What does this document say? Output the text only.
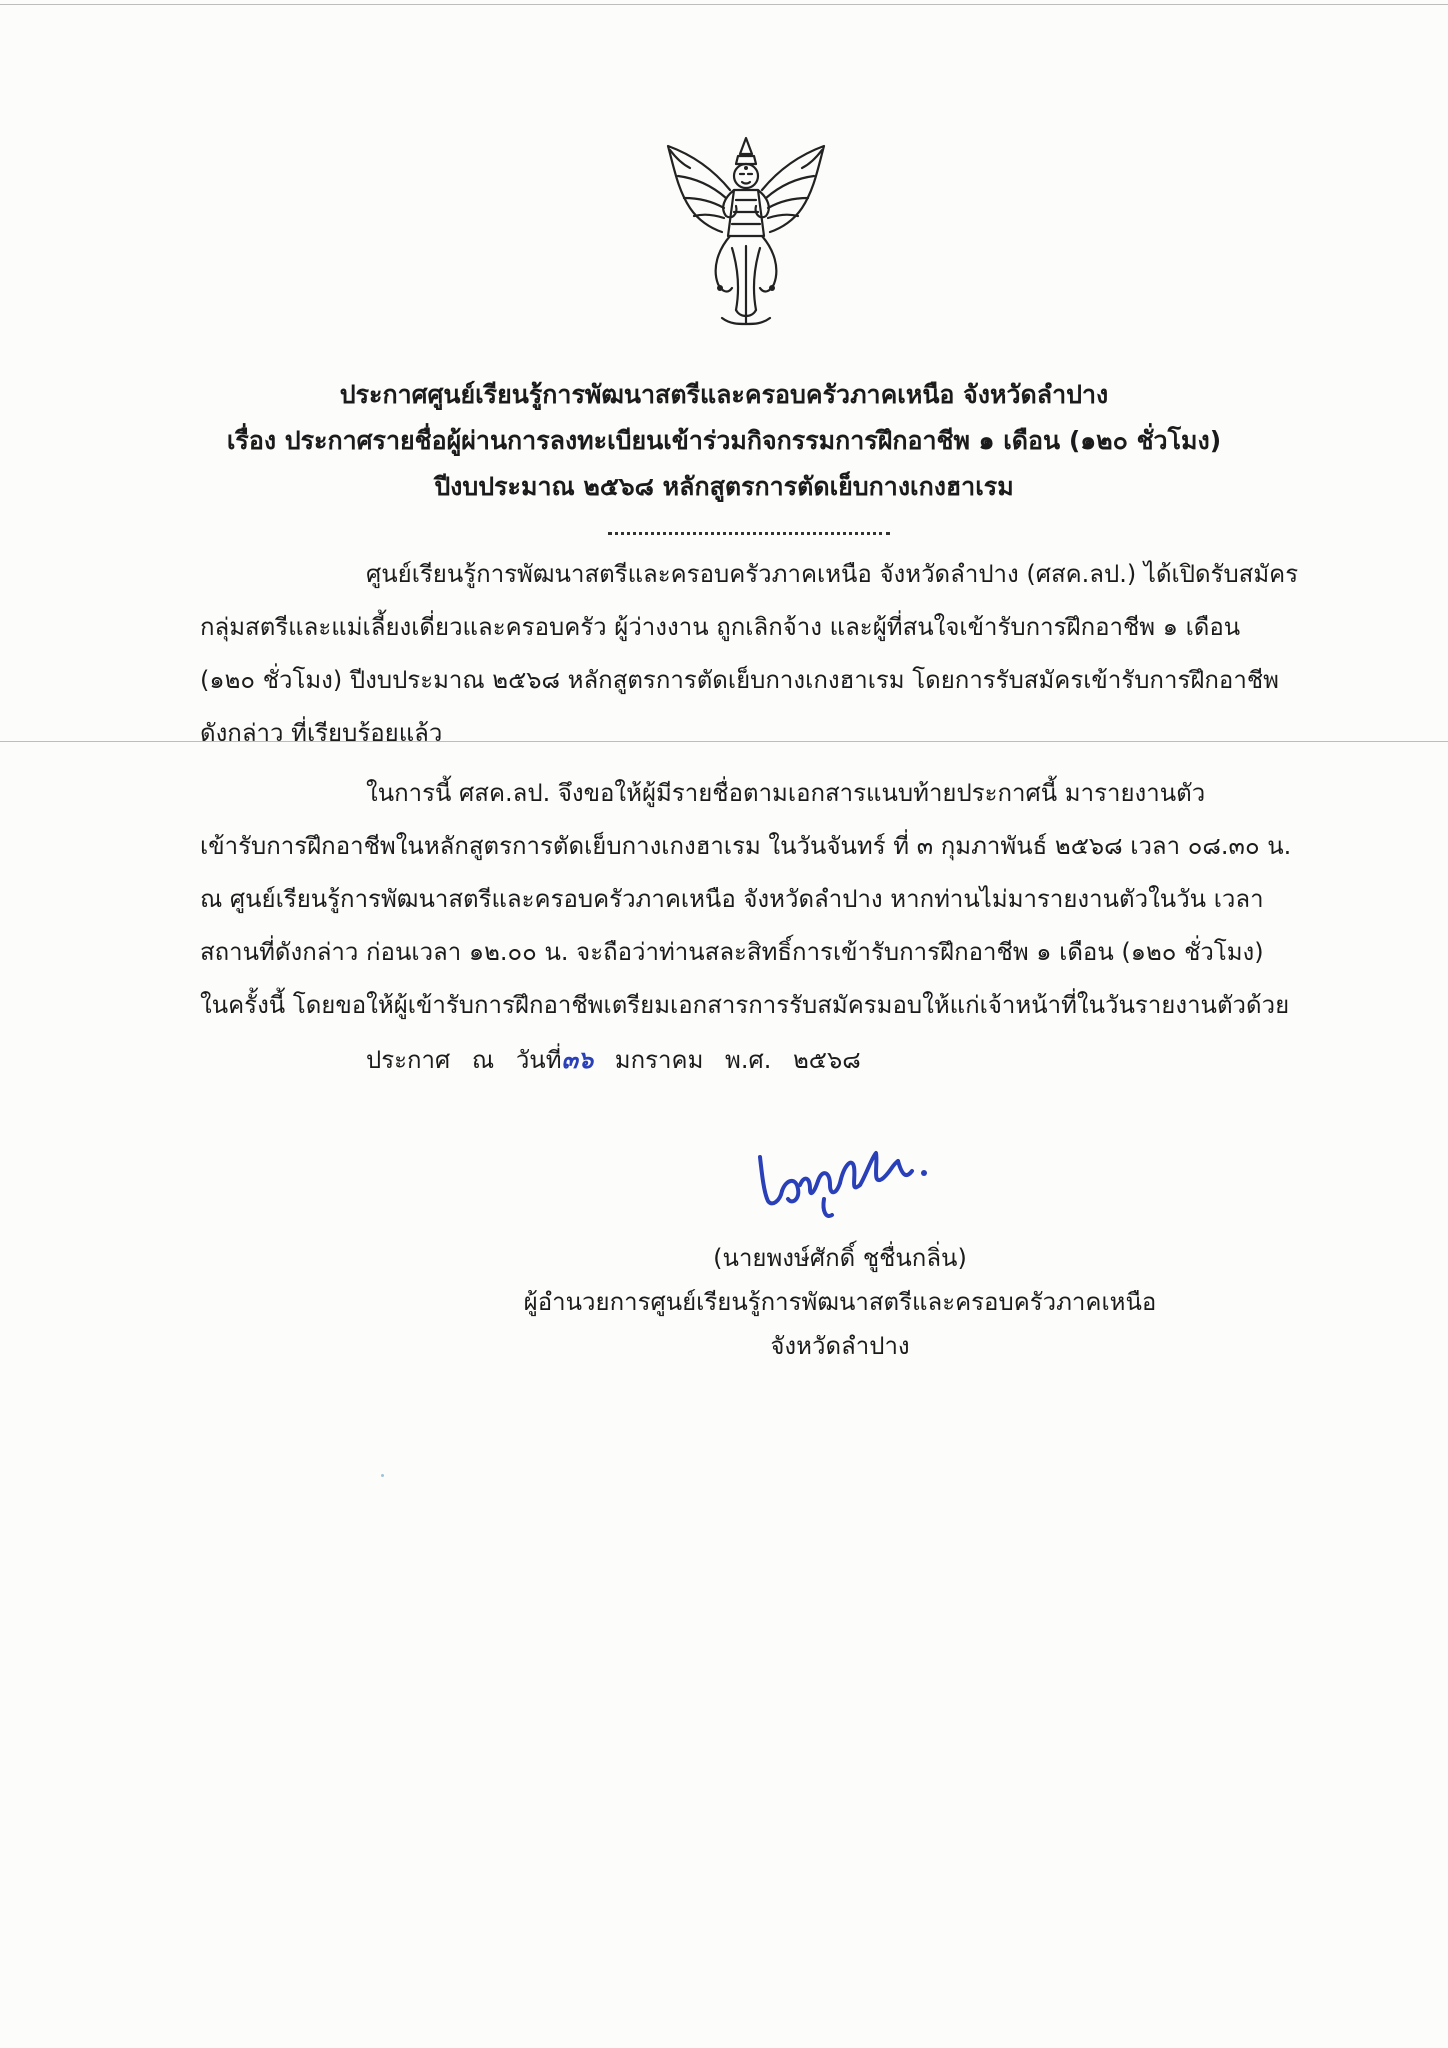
ประกาศศูนย์เรียนรู้การพัฒนาสตรีและครอบครัวภาคเหนือ จังหวัดลำปาง
เรื่อง ประกาศรายชื่อผู้ผ่านการลงทะเบียนเข้าร่วมกิจกรรมการฝึกอาชีพ ๑ เดือน (๑๒๐ ชั่วโมง)
ปีงบประมาณ ๒๕๖๘ หลักสูตรการตัดเย็บกางเกงฮาเรม
ศูนย์เรียนรู้การพัฒนาสตรีและครอบครัวภาคเหนือ จังหวัดลำปาง (ศสค.ลป.) ได้เปิดรับสมัคร
กลุ่มสตรีและแม่เลี้ยงเดี่ยวและครอบครัว ผู้ว่างงาน ถูกเลิกจ้าง และผู้ที่สนใจเข้ารับการฝึกอาชีพ ๑ เดือน
(๑๒๐ ชั่วโมง) ปีงบประมาณ ๒๕๖๘ หลักสูตรการตัดเย็บกางเกงฮาเรม โดยการรับสมัครเข้ารับการฝึกอาชีพ
ดังกล่าว ที่เรียบร้อยแล้ว
ในการนี้ ศสค.ลป. จึงขอให้ผู้มีรายชื่อตามเอกสารแนบท้ายประกาศนี้ มารายงานตัว
เข้ารับการฝึกอาชีพในหลักสูตรการตัดเย็บกางเกงฮาเรม ในวันจันทร์ ที่ ๓ กุมภาพันธ์ ๒๕๖๘ เวลา ๐๘.๓๐ น.
ณ ศูนย์เรียนรู้การพัฒนาสตรีและครอบครัวภาคเหนือ จังหวัดลำปาง หากท่านไม่มารายงานตัวในวัน เวลา
สถานที่ดังกล่าว ก่อนเวลา ๑๒.๐๐ น. จะถือว่าท่านสละสิทธิ์การเข้ารับการฝึกอาชีพ ๑ เดือน (๑๒๐ ชั่วโมง)
ในครั้งนี้ โดยขอให้ผู้เข้ารับการฝึกอาชีพเตรียมเอกสารการรับสมัครมอบให้แก่เจ้าหน้าที่ในวันรายงานตัวด้วย
ประกาศ ณ วันที่๓๖ มกราคม พ.ศ. ๒๕๖๘
(นายพงษ์ศักดิ์ ชูชื่นกลิ่น)
ผู้อำนวยการศูนย์เรียนรู้การพัฒนาสตรีและครอบครัวภาคเหนือ
จังหวัดลำปาง
